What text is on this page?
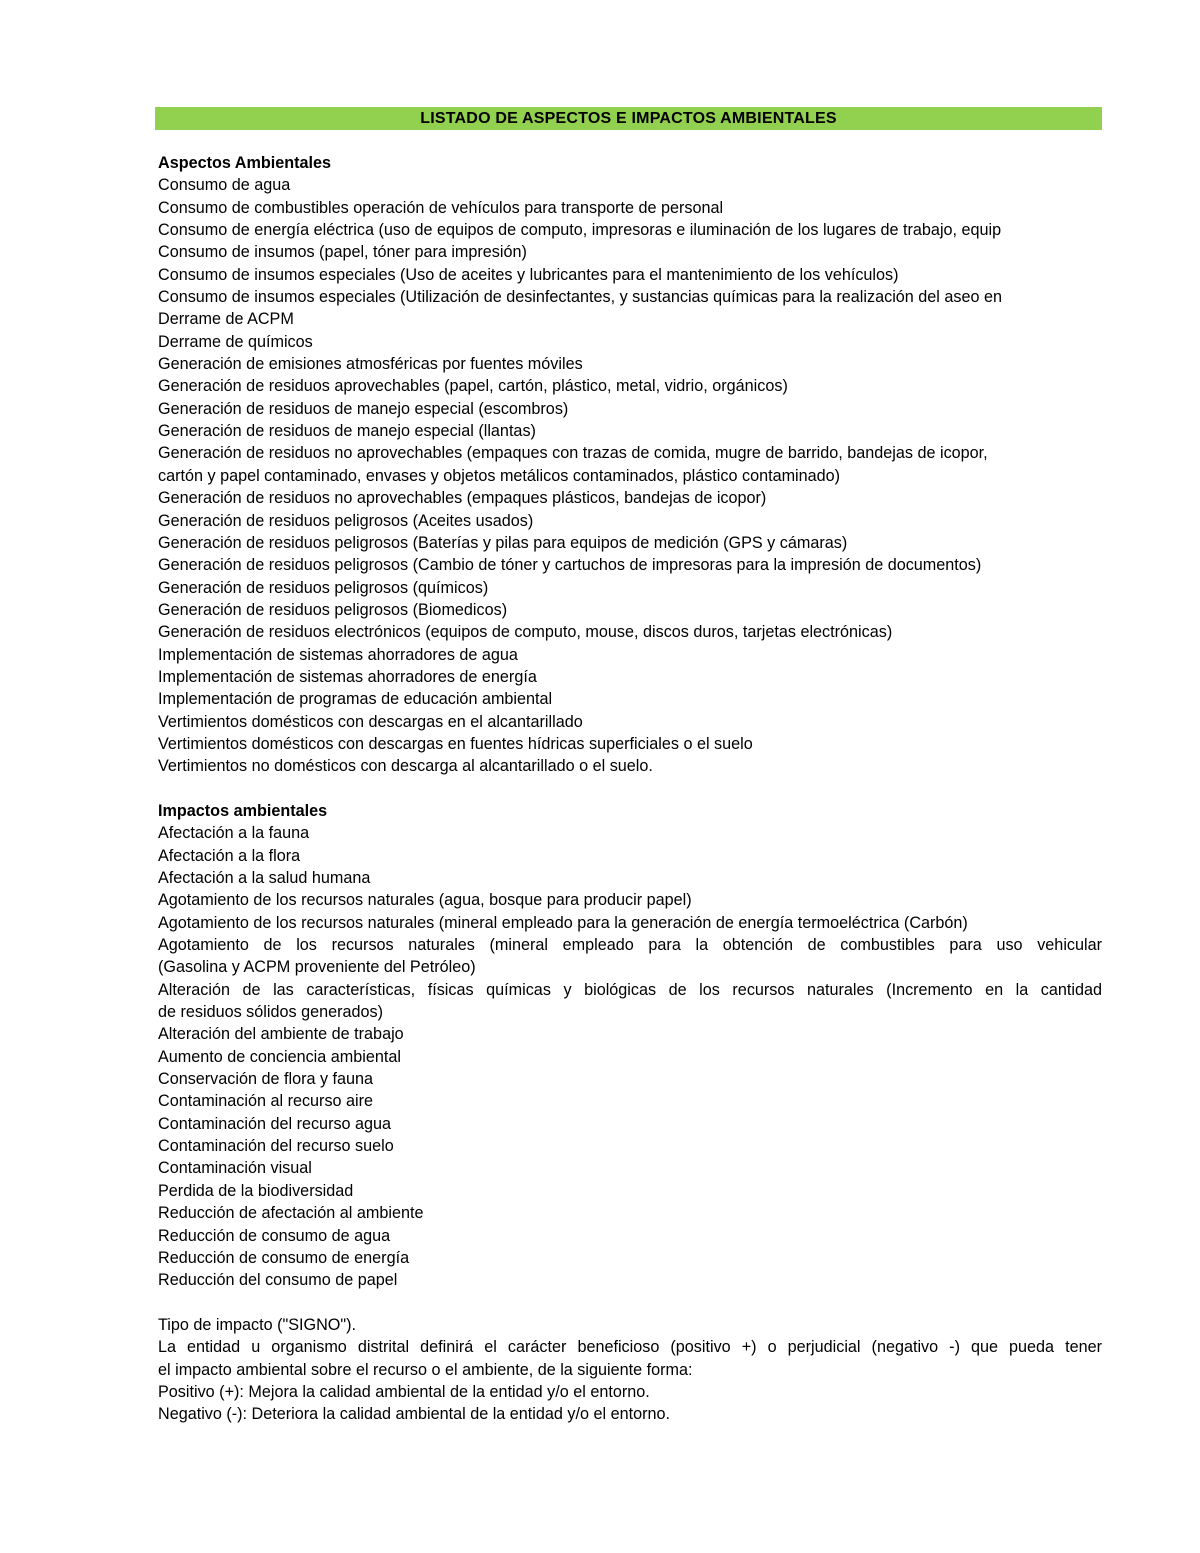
LISTADO DE ASPECTOS E IMPACTOS AMBIENTALES
Aspectos Ambientales
Consumo de agua
Consumo de combustibles operación de vehículos para transporte de personal
Consumo de energía eléctrica (uso de equipos de computo, impresoras e iluminación de los lugares de trabajo, equip
Consumo de insumos (papel, tóner para impresión)
Consumo de insumos especiales (Uso de aceites y lubricantes para el mantenimiento de los vehículos)
Consumo de insumos especiales (Utilización de desinfectantes, y sustancias químicas para la realización del aseo en
Derrame de ACPM
Derrame de químicos
Generación de emisiones atmosféricas por fuentes móviles
Generación de residuos aprovechables (papel, cartón, plástico, metal, vidrio, orgánicos)
Generación de residuos de manejo especial (escombros)
Generación de residuos de manejo especial (llantas)
Generación de residuos no aprovechables (empaques con trazas de comida, mugre de barrido, bandejas de icopor,
cartón y papel contaminado, envases y objetos metálicos contaminados, plástico contaminado)
Generación de residuos no aprovechables (empaques plásticos, bandejas de icopor)
Generación de residuos peligrosos (Aceites usados)
Generación de residuos peligrosos (Baterías y pilas para equipos de medición (GPS y cámaras)
Generación de residuos peligrosos (Cambio de tóner y cartuchos de impresoras para la impresión de documentos)
Generación de residuos peligrosos (químicos)
Generación de residuos peligrosos (Biomedicos)
Generación de residuos electrónicos (equipos de computo, mouse, discos duros, tarjetas electrónicas)
Implementación de sistemas ahorradores de agua
Implementación de sistemas ahorradores de energía
Implementación de programas de educación ambiental
Vertimientos domésticos con descargas en el alcantarillado
Vertimientos domésticos con descargas en fuentes hídricas superficiales o el suelo
Vertimientos no domésticos con descarga al alcantarillado o el suelo.
Impactos ambientales
Afectación a la fauna
Afectación a la flora
Afectación a la salud humana
Agotamiento de los recursos naturales (agua, bosque para producir papel)
Agotamiento de los recursos naturales (mineral empleado para la generación de energía termoeléctrica (Carbón)
Agotamiento de los recursos naturales (mineral empleado para la obtención de combustibles para uso vehicular
(Gasolina y ACPM proveniente del Petróleo)
Alteración de las características, físicas químicas y biológicas de los recursos naturales (Incremento en la cantidad
de residuos sólidos generados)
Alteración del ambiente de trabajo
Aumento de conciencia ambiental
Conservación de flora y fauna
Contaminación al recurso aire
Contaminación del recurso agua
Contaminación del recurso suelo
Contaminación visual
Perdida de la biodiversidad
Reducción de afectación al ambiente
Reducción de consumo de agua
Reducción de consumo de energía
Reducción del consumo de papel
Tipo de impacto ("SIGNO").
La entidad u organismo distrital definirá el carácter beneficioso (positivo +) o perjudicial (negativo -) que pueda tener
el impacto ambiental sobre el recurso o el ambiente, de la siguiente forma:
Positivo (+): Mejora la calidad ambiental de la entidad y/o el entorno.
Negativo (-): Deteriora la calidad ambiental de la entidad y/o el entorno.
